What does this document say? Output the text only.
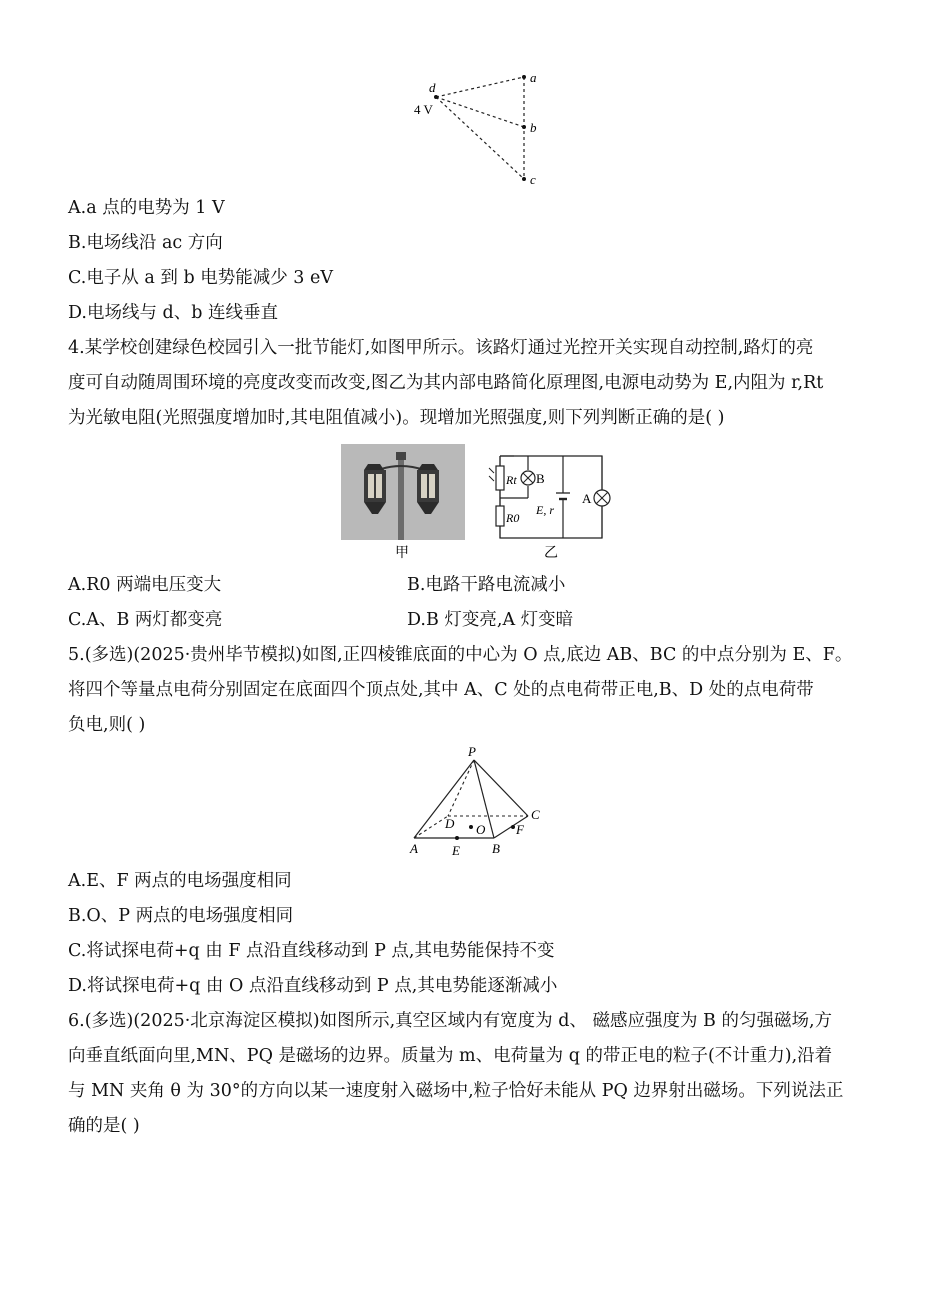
d
4 V
a
b
c
A.a 点的电势为 1 V
B.电场线沿 ac 方向
C.电子从 a 到 b 电势能减少 3 eV
D.电场线与 d、b 连线垂直
4.某学校创建绿色校园引入一批节能灯,如图甲所示。该路灯通过光控开关实现自动控制,路灯的亮
度可自动随周围环境的亮度改变而改变,图乙为其内部电路简化原理图,电源电动势为 E,内阻为 r,Rt
为光敏电阻(光照强度增加时,其电阻值减小)。现增加光照强度,则下列判断正确的是( )
甲
Rt B
R0
E, r
A
乙
A.R0 两端电压变大	B.电路干路电流减小
C.A、B 两灯都变亮	D.B 灯变亮,A 灯变暗
5.(多选)(2025·贵州毕节模拟)如图,正四棱锥底面的中心为 O 点,底边 AB、BC 的中点分别为 E、F。
将四个等量点电荷分别固定在底面四个顶点处,其中 A、C 处的点电荷带正电,B、D 处的点电荷带
负电,则( )
P
A	B
C
D
E
F
O
A.E、F 两点的电场强度相同
B.O、P 两点的电场强度相同
C.将试探电荷+q 由 F 点沿直线移动到 P 点,其电势能保持不变
D.将试探电荷+q 由 O 点沿直线移动到 P 点,其电势能逐渐减小
6.(多选)(2025·北京海淀区模拟)如图所示,真空区域内有宽度为 d、 磁感应强度为 B 的匀强磁场,方
向垂直纸面向里,MN、PQ 是磁场的边界。质量为 m、电荷量为 q 的带正电的粒子(不计重力),沿着
与 MN 夹角 θ 为 30°的方向以某一速度射入磁场中,粒子恰好未能从 PQ 边界射出磁场。下列说法正
确的是( )
